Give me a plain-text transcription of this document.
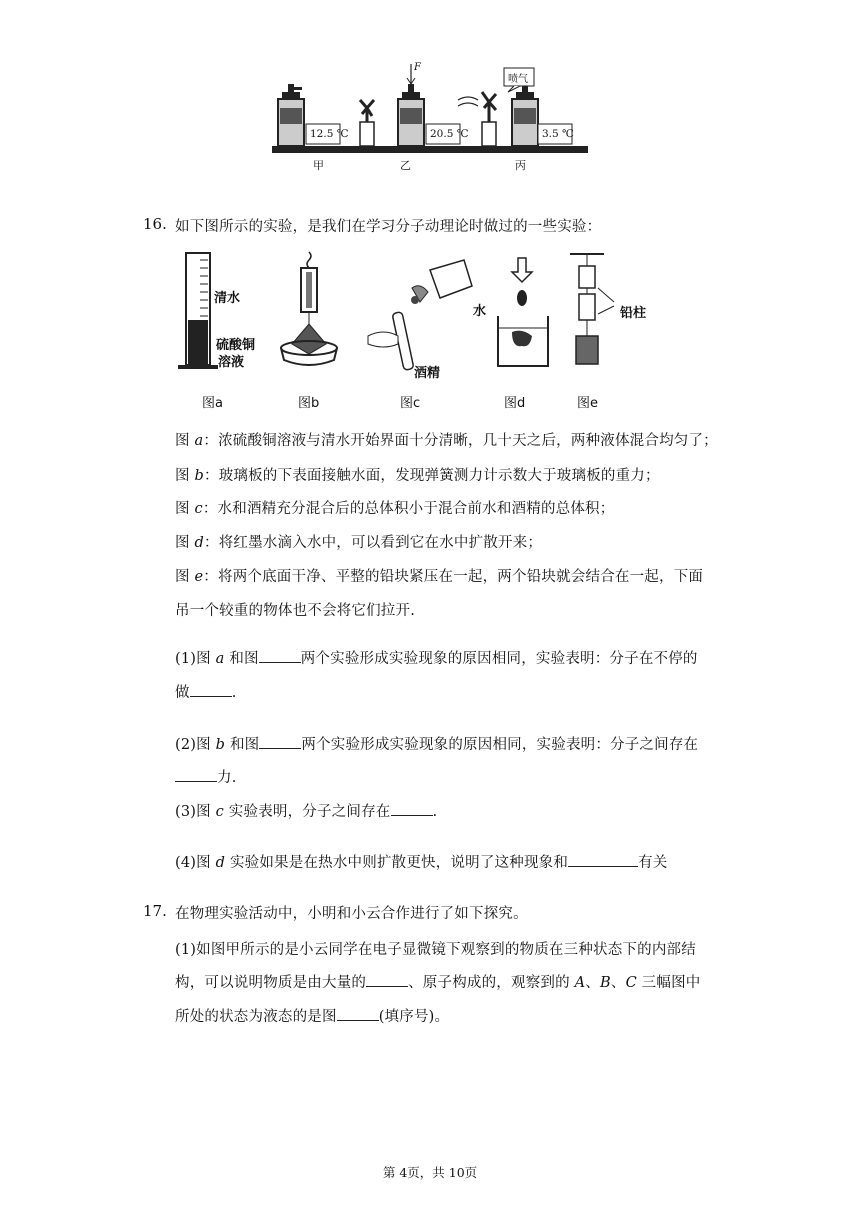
12.5 ℃	20.5 ℃	3.5 ℃
F
喷气
甲	乙	丙
16. 如下图所示的实验，是我们在学习分子动理论时做过的一些实验：
清水
硫酸铜
溶液
水
酒精
铅柱
图a	图b	图c	图d	图e
图 a：浓硫酸铜溶液与清水开始界面十分清晰，几十天之后，两种液体混合均匀了；
图 b：玻璃板的下表面接触水面，发现弹簧测力计示数大于玻璃板的重力；
图 c：水和酒精充分混合后的总体积小于混合前水和酒精的总体积；
图 d：将红墨水滴入水中，可以看到它在水中扩散开来；
图 e：将两个底面干净、平整的铅块紧压在一起，两个铅块就会结合在一起，下面
吊一个较重的物体也不会将它们拉开.
(1)图 a 和图	两个实验形成实验现象的原因相同，实验表明：分子在不停的
做	.
(2)图 b 和图	两个实验形成实验现象的原因相同，实验表明：分子之间存在
力.
(3)图 c 实验表明，分子之间存在	.
(4)图 d 实验如果是在热水中则扩散更快，说明了这种现象和	有关
17. 在物理实验活动中，小明和小云合作进行了如下探究。
(1)如图甲所示的是小云同学在电子显微镜下观察到的物质在三种状态下的内部结
构，可以说明物质是由大量的	、原子构成的，观察到的 A、B、C 三幅图中
所处的状态为液态的是图	(填序号)。
第 4页，共 10页
